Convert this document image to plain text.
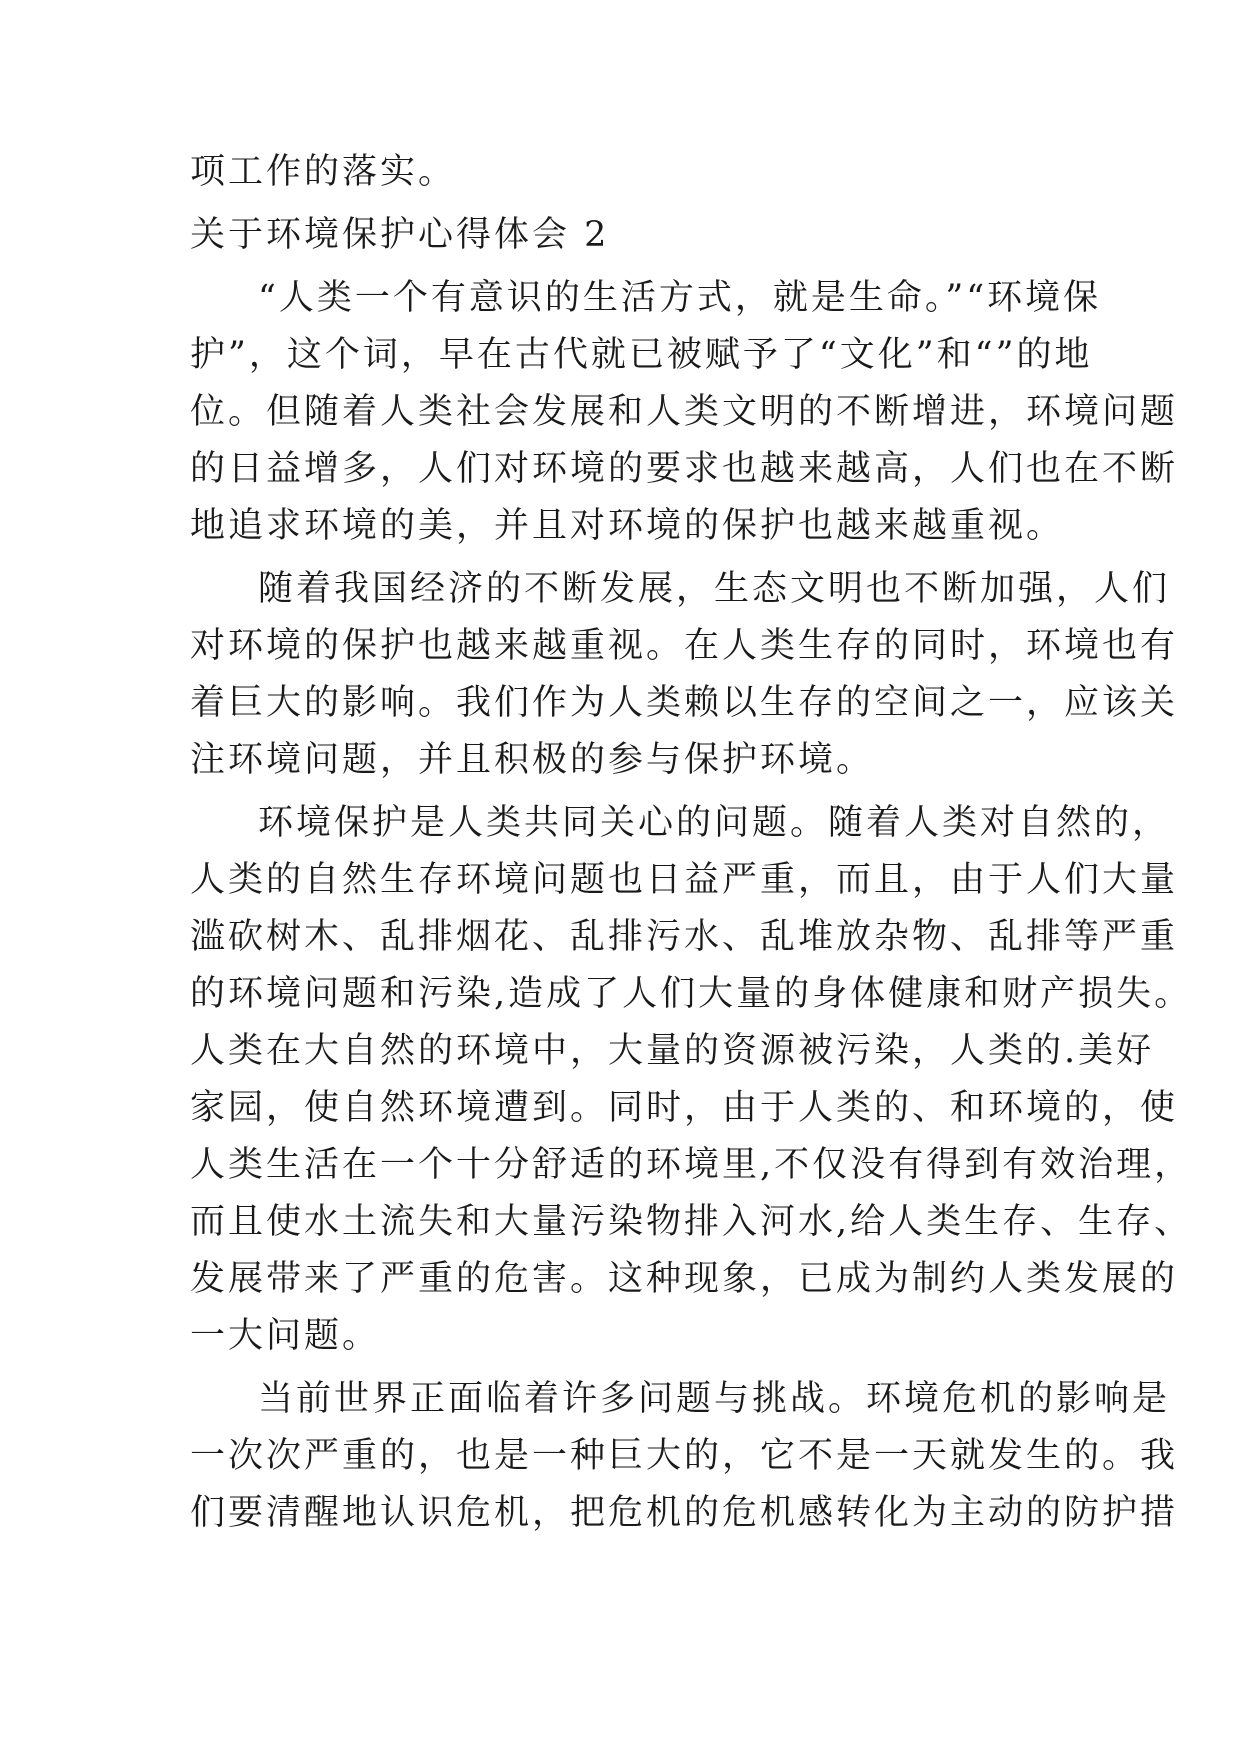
项工作的落实。
关于环境保护心得体会 2
“人类一个有意识的生活方式，就是生命。”“环境保
护”，这个词，早在古代就已被赋予了“文化”和“”的地
位。但随着人类社会发展和人类文明的不断增进，环境问题
的日益增多，人们对环境的要求也越来越高，人们也在不断
地追求环境的美，并且对环境的保护也越来越重视。
随着我国经济的不断发展，生态文明也不断加强，人们
对环境的保护也越来越重视。在人类生存的同时，环境也有
着巨大的影响。我们作为人类赖以生存的空间之一，应该关
注环境问题，并且积极的参与保护环境。
环境保护是人类共同关心的问题。随着人类对自然的，
人类的自然生存环境问题也日益严重，而且，由于人们大量
滥砍树木、乱排烟花、乱排污水、乱堆放杂物、乱排等严重
的环境问题和污染,造成了人们大量的身体健康和财产损失。
人类在大自然的环境中，大量的资源被污染，人类的.美好
家园，使自然环境遭到。同时，由于人类的、和环境的，使
人类生活在一个十分舒适的环境里,不仅没有得到有效治理，
而且使水土流失和大量污染物排入河水,给人类生存、生存、
发展带来了严重的危害。这种现象，已成为制约人类发展的
一大问题。
当前世界正面临着许多问题与挑战。环境危机的影响是
一次次严重的，也是一种巨大的，它不是一天就发生的。我
们要清醒地认识危机，把危机的危机感转化为主动的防护措
